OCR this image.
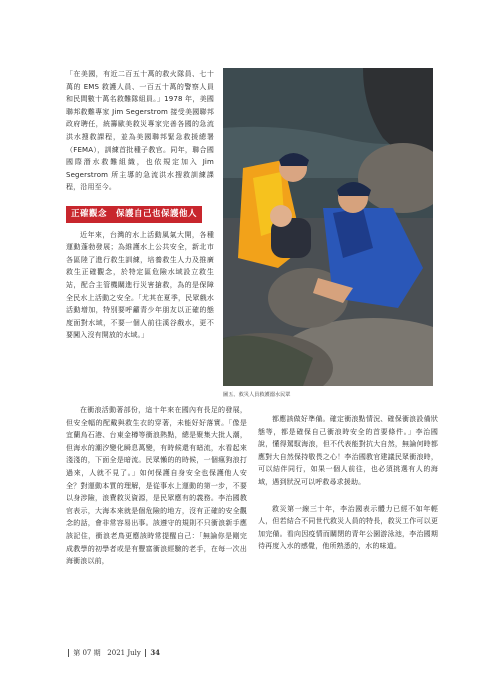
「在美國，有近二百五十萬的救火隊員、七十萬的 EMS 救護人員、一百五十萬的警察人員和民間數十萬名救難隊組員。」1978 年，美國聯邦救難專家 Jim Segerstrom 接受美國聯邦政府聘任，統籌歐美救災專家完善各國的急流洪水搜救課程，並為美國聯邦緊急救援總署（FEMA），訓練首批種子教官。同年，聯合國國際潛水救難組織，也依規定加入 Jim Segerstrom 所主導的急流洪水搜救訓練課程，沿用至今。

正確觀念　保護自己也保護他人

近年來，台灣的水上活動風氣大開，各種運動蓬勃發展；為維護水上公共安全，新北市各區陸了進行救生訓練，培養救生人力及推廣救生正確觀念，於特定區危險水域設立救生站，配合主管機關進行災害搶救，為的是保障全民水上活動之安全。「尤其在夏季，民眾戲水活動增加，特別要呼籲青少年朋友以正確的態度面對水域，不要一個人前往溪谷戲水，更不要闖入沒有開放的水域。」

圖五、救災人員救護溺水民眾

在衝浪活動著部份，這十年來在國內有長足的發展，但安全幅的配戴與救生衣的穿著，未能好好落實。「像是宜蘭烏石港、台東金樽等衝浪熱點，總是聚集大批人潮，但海水的潮汐變化瞬息萬變，有時候還有暗流，水看起來淺淺的，下面全是暗流。民眾懶的的時候，一個瘋狗浪打過來，人就不見了。」如何保護自身安全也保護他人安全？對運動本質的理解，是從事水上運動的第一步，不要以身涉險，浪費救災資源，是民眾應有的義務。李治國教官表示，大海本來就是個危險的地方，沒有正確的安全觀念的話，會非常容易出事。該遵守的規則不只衝浪新手應該記住，衝浪老鳥更應該時常提醒自己：「無論你是剛完成教學的初學者或是有豐富衝浪經驗的老手，在每一次出海衝浪以前，

都應該做好準備。確定衝浪點情況、確保衝浪設備狀態等，都是確保自己衝浪時安全的首要條件。」李治國說，懂得駕馭海浪，但不代表能對抗大自然，無論何時都應對大自然保持敬畏之心！李治國教官建議民眾衝浪時，可以結伴同行，如果一個人前往，也必須挑選有人的海域，遇到狀況可以呼救尋求援助。

救災第一線三十年，李治國表示體力已經不如年輕人，但若結合不同世代救災人員的特長，救災工作可以更加完備。看向因疫情而關閉的青年公園游泳池，李治國期待再度入水的感覺，他所熟悉的，水的味道。

第 07 期 2021 July 34
